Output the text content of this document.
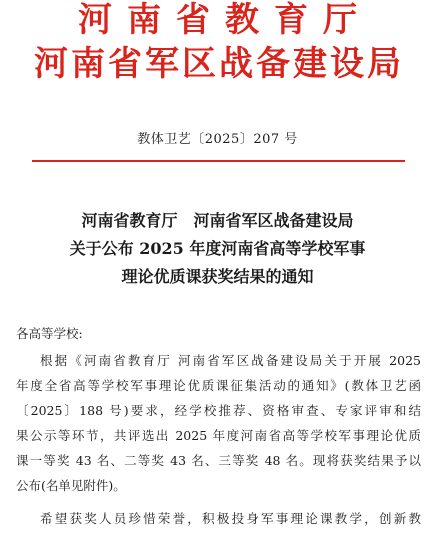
河南省教育厅
河南省军区战备建设局
教体卫艺〔2025〕207 号
河南省教育厅　河南省军区战备建设局
关于公布 2025 年度河南省高等学校军事
理论优质课获奖结果的通知
各高等学校:
根据《河南省教育厅 河南省军区战备建设局关于开展 2025
年度全省高等学校军事理论优质课征集活动的通知》(教体卫艺函
〔2025〕188 号)要求，经学校推荐、资格审查、专家评审和结
果公示等环节，共评选出 2025 年度河南省高等学校军事理论优质
课一等奖 43 名、二等奖 43 名、三等奖 48 名。现将获奖结果予以
公布(名单见附件)。
希望获奖人员珍惜荣誉，积极投身军事理论课教学，创新教
